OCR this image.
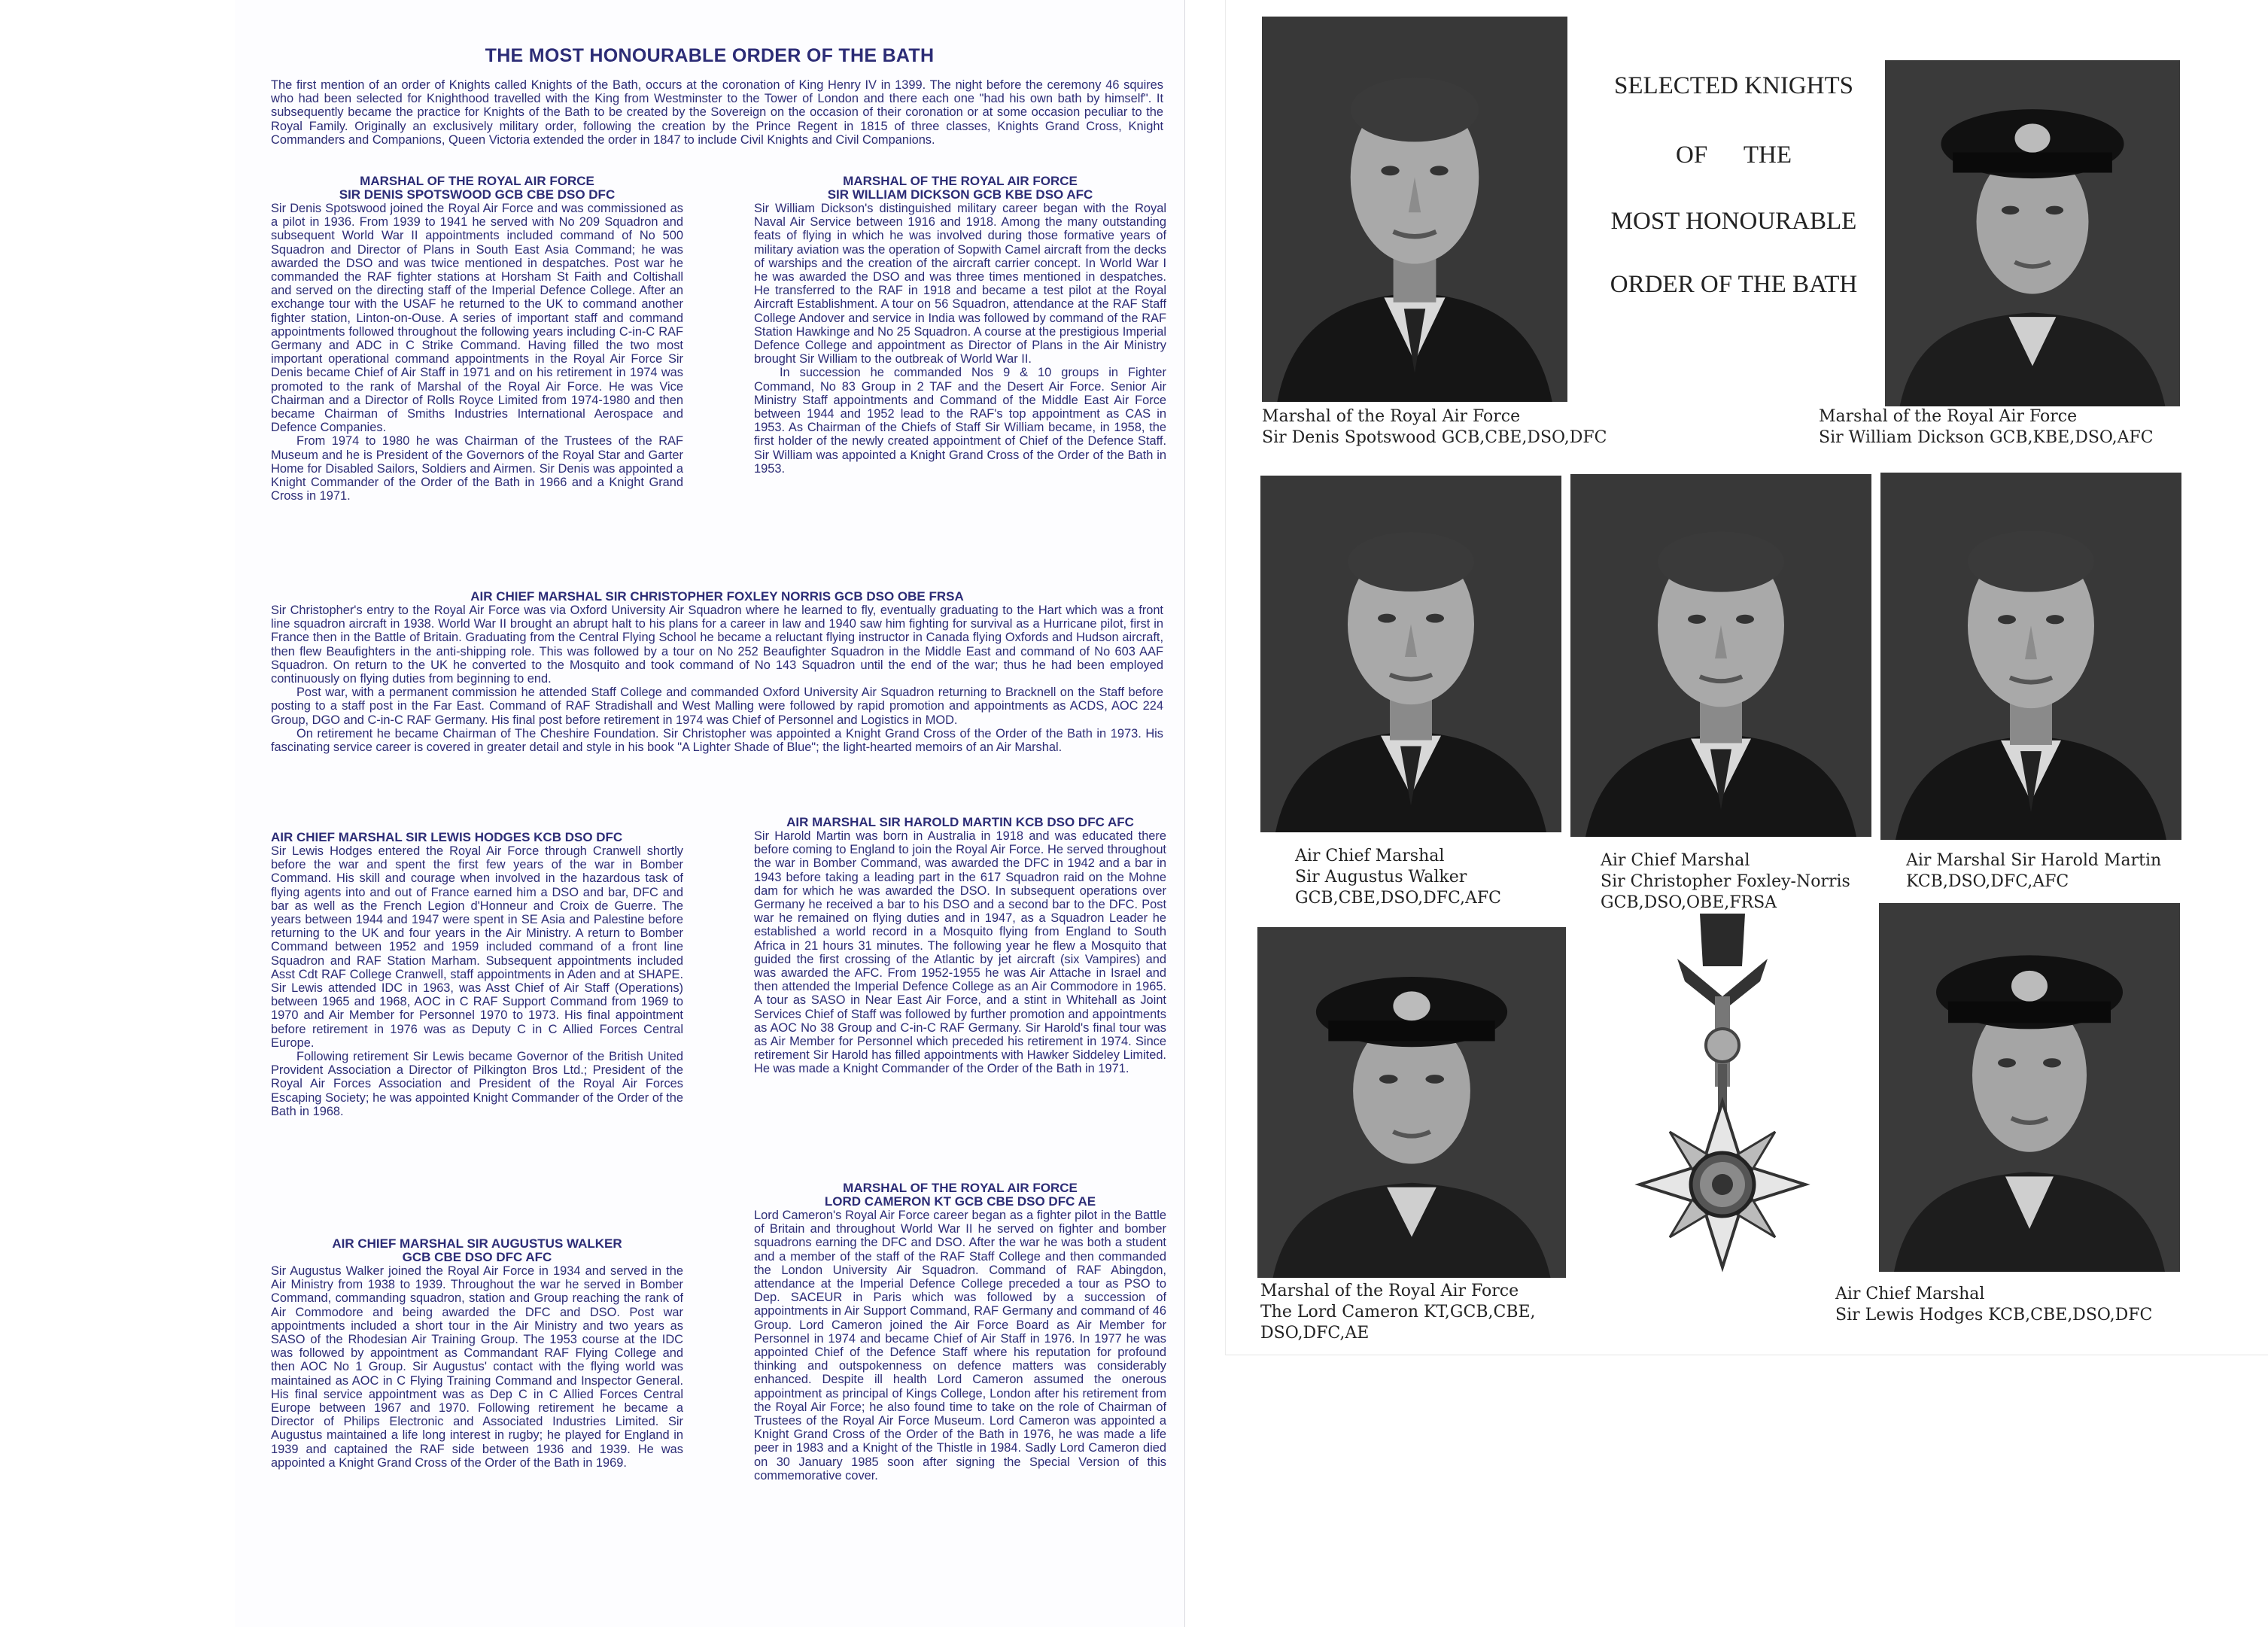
THE MOST HONOURABLE ORDER OF THE BATH
The first mention of an order of Knights called Knights of the Bath, occurs at the coronation of King Henry IV in 1399. The night before the ceremony 46 squires who had been selected for Knighthood travelled with the King from Westminster to the Tower of London and there each one "had his own bath by himself". It subsequently became the practice for Knights of the Bath to be created by the Sovereign on the occasion of their coronation or at some occasion peculiar to the Royal Family. Originally an exclusively military order, following the creation by the Prince Regent in 1815 of three classes, Knights Grand Cross, Knight Commanders and Companions, Queen Victoria extended the order in 1847 to include Civil Knights and Civil Companions.
MARSHAL OF THE ROYAL AIR FORCE
SIR DENIS SPOTSWOOD GCB CBE DSO DFC

Sir Denis Spotswood joined the Royal Air Force and was commissioned as a pilot in 1936. From 1939 to 1941 he served with No 209 Squadron and subsequent World War II appointments included command of No 500 Squadron and Director of Plans in South East Asia Command; he was awarded the DSO and was twice mentioned in despatches. Post war he commanded the RAF fighter stations at Horsham St Faith and Coltishall and served on the directing staff of the Imperial Defence College. After an exchange tour with the USAF he returned to the UK to command another fighter station, Linton-on-Ouse. A series of important staff and command appointments followed throughout the following years including C-in-C RAF Germany and ADC in C Strike Command. Having filled the two most important operational command appointments in the Royal Air Force Sir Denis became Chief of Air Staff in 1971 and on his retirement in 1974 was promoted to the rank of Marshal of the Royal Air Force. He was Vice Chairman and a Director of Rolls Royce Limited from 1974-1980 and then became Chairman of Smiths Industries International Aerospace and Defence Companies.

From 1974 to 1980 he was Chairman of the Trustees of the RAF Museum and he is President of the Governors of the Royal Star and Garter Home for Disabled Sailors, Soldiers and Airmen. Sir Denis was appointed a Knight Commander of the Order of the Bath in 1966 and a Knight Grand Cross in 1971.

MARSHAL OF THE ROYAL AIR FORCE
SIR WILLIAM DICKSON GCB KBE DSO AFC

Sir William Dickson's distinguished military career began with the Royal Naval Air Service between 1916 and 1918. Among the many outstanding feats of flying in which he was involved during those formative years of military aviation was the operation of Sopwith Camel aircraft from the decks of warships and the creation of the aircraft carrier concept. In World War I he was awarded the DSO and was three times mentioned in despatches. He transferred to the RAF in 1918 and became a test pilot at the Royal Aircraft Establishment. A tour on 56 Squadron, attendance at the RAF Staff College Andover and service in India was followed by command of the RAF Station Hawkinge and No 25 Squadron. A course at the prestigious Imperial Defence College and appointment as Director of Plans in the Air Ministry brought Sir William to the outbreak of World War II.

In succession he commanded Nos 9 & 10 groups in Fighter Command, No 83 Group in 2 TAF and the Desert Air Force. Senior Air Ministry Staff appointments and Command of the Middle East Air Force between 1944 and 1952 lead to the RAF's top appointment as CAS in 1953. As Chairman of the Chiefs of Staff Sir William became, in 1958, the first holder of the newly created appointment of Chief of the Defence Staff. Sir William was appointed a Knight Grand Cross of the Order of the Bath in 1953.

AIR CHIEF MARSHAL SIR CHRISTOPHER FOXLEY NORRIS GCB DSO OBE FRSA

Sir Christopher's entry to the Royal Air Force was via Oxford University Air Squadron where he learned to fly, eventually graduating to the Hart which was a front line squadron aircraft in 1938. World War II brought an abrupt halt to his plans for a career in law and 1940 saw him fighting for survival as a Hurricane pilot, first in France then in the Battle of Britain. Graduating from the Central Flying School he became a reluctant flying instructor in Canada flying Oxfords and Hudson aircraft, then flew Beaufighters in the anti-shipping role. This was followed by a tour on No 252 Beaufighter Squadron in the Middle East and command of No 603 AAF Squadron. On return to the UK he converted to the Mosquito and took command of No 143 Squadron until the end of the war; thus he had been employed continuously on flying duties from beginning to end.

Post war, with a permanent commission he attended Staff College and commanded Oxford University Air Squadron returning to Bracknell on the Staff before posting to a staff post in the Far East. Command of RAF Stradishall and West Malling were followed by rapid promotion and appointments as ACDS, AOC 224 Group, DGO and C-in-C RAF Germany. His final post before retirement in 1974 was Chief of Personnel and Logistics in MOD.

On retirement he became Chairman of The Cheshire Foundation. Sir Christopher was appointed a Knight Grand Cross of the Order of the Bath in 1973. His fascinating service career is covered in greater detail and style in his book "A Lighter Shade of Blue"; the light-hearted memoirs of an Air Marshal.

AIR CHIEF MARSHAL SIR LEWIS HODGES KCB DSO DFC

Sir Lewis Hodges entered the Royal Air Force through Cranwell shortly before the war and spent the first few years of the war in Bomber Command. His skill and courage when involved in the hazardous task of flying agents into and out of France earned him a DSO and bar, DFC and bar as well as the French Legion d'Honneur and Croix de Guerre. The years between 1944 and 1947 were spent in SE Asia and Palestine before returning to the UK and four years in the Air Ministry. A return to Bomber Command between 1952 and 1959 included command of a front line Squadron and RAF Station Marham. Subsequent appointments included Asst Cdt RAF College Cranwell, staff appointments in Aden and at SHAPE. Sir Lewis attended IDC in 1963, was Asst Chief of Air Staff (Operations) between 1965 and 1968, AOC in C RAF Support Command from 1969 to 1970 and Air Member for Personnel 1970 to 1973. His final appointment before retirement in 1976 was as Deputy C in C Allied Forces Central Europe.

Following retirement Sir Lewis became Governor of the British United Provident Association a Director of Pilkington Bros Ltd.; President of the Royal Air Forces Association and President of the Royal Air Forces Escaping Society; he was appointed Knight Commander of the Order of the Bath in 1968.

AIR CHIEF MARSHAL SIR AUGUSTUS WALKER
GCB CBE DSO DFC AFC

Sir Augustus Walker joined the Royal Air Force in 1934 and served in the Air Ministry from 1938 to 1939. Throughout the war he served in Bomber Command, commanding squadron, station and Group reaching the rank of Air Commodore and being awarded the DFC and DSO. Post war appointments included a short tour in the Air Ministry and two years as SASO of the Rhodesian Air Training Group. The 1953 course at the IDC was followed by appointment as Commandant RAF Flying College and then AOC No 1 Group. Sir Augustus' contact with the flying world was maintained as AOC in C Flying Training Command and Inspector General. His final service appointment was as Dep C in C Allied Forces Central Europe between 1967 and 1970. Following retirement he became a Director of Philips Electronic and Associated Industries Limited. Sir Augustus maintained a life long interest in rugby; he played for England in 1939 and captained the RAF side between 1936 and 1939. He was appointed a Knight Grand Cross of the Order of the Bath in 1969.

AIR MARSHAL SIR HAROLD MARTIN KCB DSO DFC AFC

Sir Harold Martin was born in Australia in 1918 and was educated there before coming to England to join the Royal Air Force. He served throughout the war in Bomber Command, was awarded the DFC in 1942 and a bar in 1943 before taking a leading part in the 617 Squadron raid on the Mohne dam for which he was awarded the DSO. In subsequent operations over Germany he received a bar to his DSO and a second bar to the DFC. Post war he remained on flying duties and in 1947, as a Squadron Leader he established a world record in a Mosquito flying from England to South Africa in 21 hours 31 minutes. The following year he flew a Mosquito that guided the first crossing of the Atlantic by jet aircraft (six Vampires) and was awarded the AFC. From 1952-1955 he was Air Attache in Israel and then attended the Imperial Defence College as an Air Commodore in 1965. A tour as SASO in Near East Air Force, and a stint in Whitehall as Joint Services Chief of Staff was followed by further promotion and appointments as AOC No 38 Group and C-in-C RAF Germany. Sir Harold's final tour was as Air Member for Personnel which preceded his retirement in 1974. Since retirement Sir Harold has filled appointments with Hawker Siddeley Limited. He was made a Knight Commander of the Order of the Bath in 1971.

MARSHAL OF THE ROYAL AIR FORCE
LORD CAMERON KT GCB CBE DSO DFC AE

Lord Cameron's Royal Air Force career began as a fighter pilot in the Battle of Britain and throughout World War II he served on fighter and bomber squadrons earning the DFC and DSO. After the war he was both a student and a member of the staff of the RAF Staff College and then commanded the London University Air Squadron. Command of RAF Abingdon, attendance at the Imperial Defence College preceded a tour as PSO to Dep. SACEUR in Paris which was followed by a succession of appointments in Air Support Command, RAF Germany and command of 46 Group. Lord Cameron joined the Air Force Board as Air Member for Personnel in 1974 and became Chief of Air Staff in 1976. In 1977 he was appointed Chief of the Defence Staff where his reputation for profound thinking and outspokenness on defence matters was considerably enhanced. Despite ill health Lord Cameron assumed the onerous appointment as principal of Kings College, London after his retirement from the Royal Air Force; he also found time to take on the role of Chairman of Trustees of the Royal Air Force Museum. Lord Cameron was appointed a Knight Grand Cross of the Order of the Bath in 1976, he was made a life peer in 1983 and a Knight of the Thistle in 1984. Sadly Lord Cameron died on 30 January 1985 soon after signing the Special Version of this commemorative cover.

SELECTED KNIGHTS
OF THE
MOST HONOURABLE
ORDER OF THE BATH
Marshal of the Royal Air Force
Sir Denis Spotswood GCB,CBE,DSO,DFC
Marshal of the Royal Air Force
Sir William Dickson GCB,KBE,DSO,AFC
Air Chief Marshal
Sir Augustus Walker
GCB,CBE,DSO,DFC,AFC
Air Chief Marshal
Sir Christopher Foxley-Norris
GCB,DSO,OBE,FRSA
Air Marshal Sir Harold Martin
KCB,DSO,DFC,AFC
Marshal of the Royal Air Force
The Lord Cameron KT,GCB,CBE,
DSO,DFC,AE
Air Chief Marshal
Sir Lewis Hodges KCB,CBE,DSO,DFC
